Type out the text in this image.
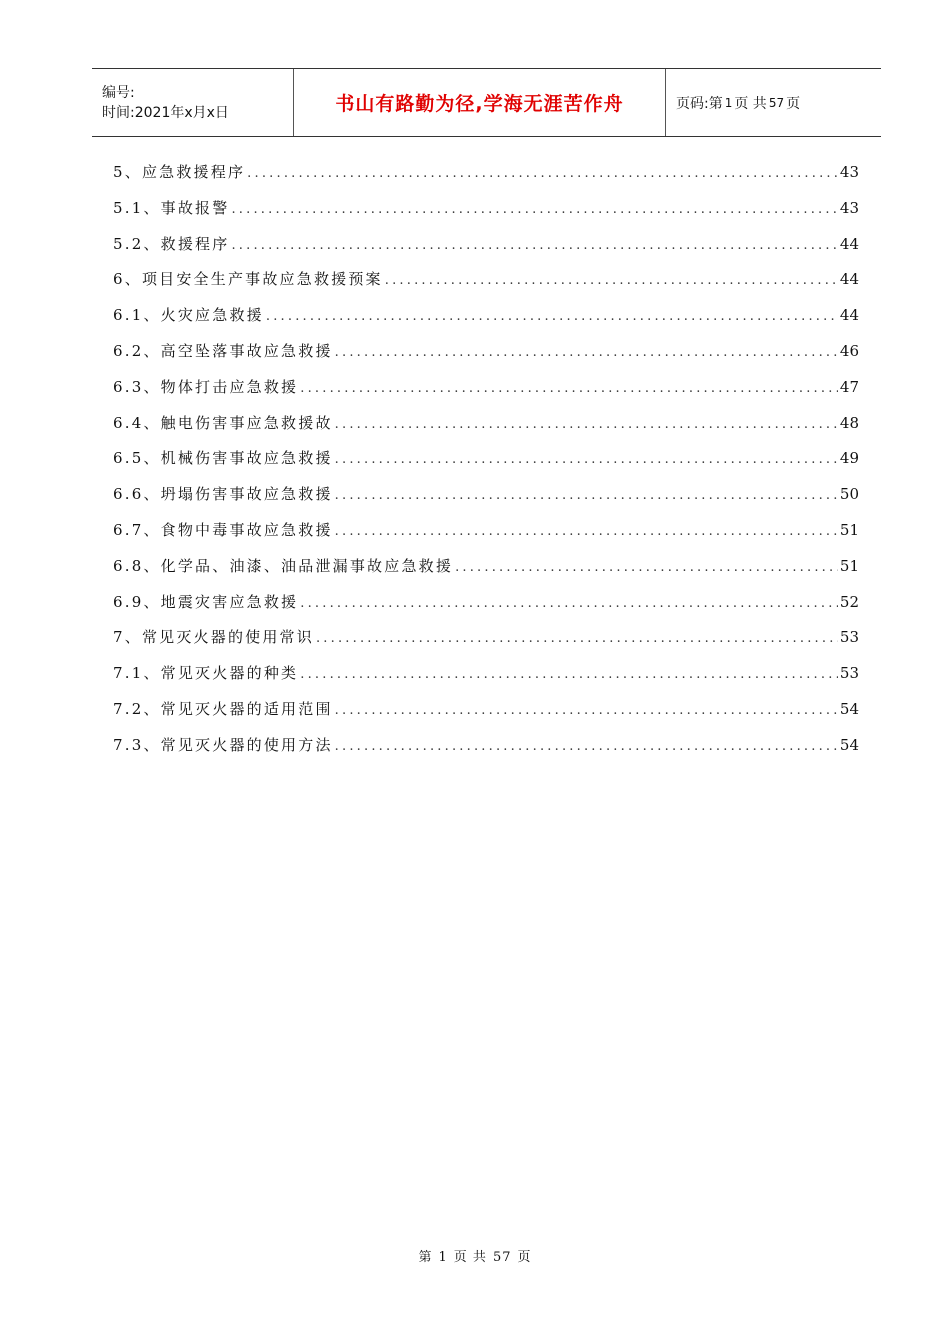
编号:
时间:2021年x月x日	书山有路勤为径,学海无涯苦作舟	页码:第 1 页 共 57 页
5、应急救援程序 .....	43
5.1、事故报警 .....	43
5.2、救援程序 .....	44
6、项目安全生产事故应急救援预案 .....	44
6.1、火灾应急救援 .....	44
6.2、高空坠落事故应急救援 .....	46
6.3、物体打击应急救援 .....	47
6.4、触电伤害事应急救援故 .....	48
6.5、机械伤害事故应急救援 .....	49
6.6、坍塌伤害事故应急救援 .....	50
6.7、食物中毒事故应急救援 .....	51
6.8、化学品、油漆、油品泄漏事故应急救援 .....	51
6.9、地震灾害应急救援 .....	52
7、常见灭火器的使用常识 .....	53
7.1、常见灭火器的种类 .....	53
7.2、常见灭火器的适用范围 .....	54
7.3、常见灭火器的使用方法 .....	54
第 1 页 共 57 页
